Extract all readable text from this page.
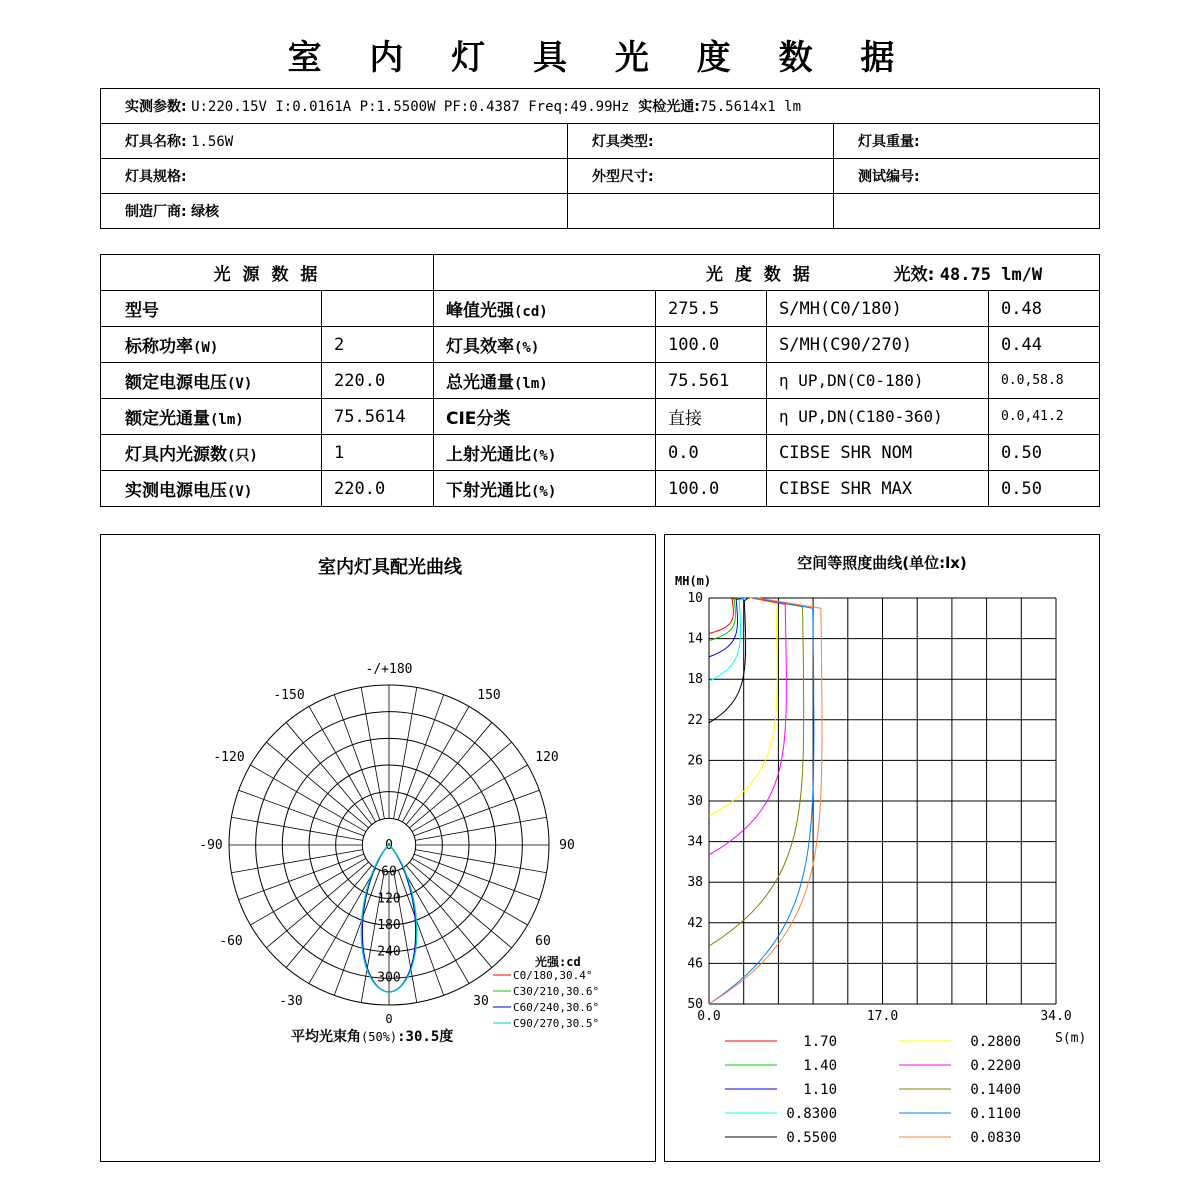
室 内 灯 具 光 度 数 据
实测参数: U:220.15V I:0.0161A P:1.5500W PF:0.4387 Freq:49.99Hz 实检光通:75.5614x1 lm		
灯具名称: 1.56W	灯具类型:	灯具重量:
灯具规格:	外型尺寸:	测试编号:
制造厂商: 绿核		
光 源 数 据		光 度 数 据 光效: 48.75 lm/W			
型号		峰值光强(cd)	275.5	S/MH(C0/180)	0.48
标称功率(W)	2	灯具效率(%)	100.0	S/MH(C90/270)	0.44
额定电源电压(V)	220.0	总光通量(lm)	75.561	η UP,DN(C0-180)	0.0,58.8
额定光通量(lm)	75.5614	CIE分类	直接	η UP,DN(C180-360)	0.0,41.2
灯具内光源数(只)	1	上射光通比(%)	0.0	CIBSE SHR NOM	0.50
实测电源电压(V)	220.0	下射光通比(%)	100.0	CIBSE SHR MAX	0.50
室内灯具配光曲线
-/+180
150
120
90
60
30
-30
-60
-90
-120
-150
0
60
120
180
240
300
0
光强:cd
C0/180,30.4°
C30/210,30.6°
C60/240,30.6°
C90/270,30.5°
平均光束角(50%):30.5度
空间等照度曲线(单位:lx)
MH(m)
10
14
18
22
26
30
34
38
42
46
50
0.0	17.0	34.0
S(m)
1.70
1.40
1.10
0.8300
0.5500
0.2800
0.2200
0.1400
0.1100
0.0830
